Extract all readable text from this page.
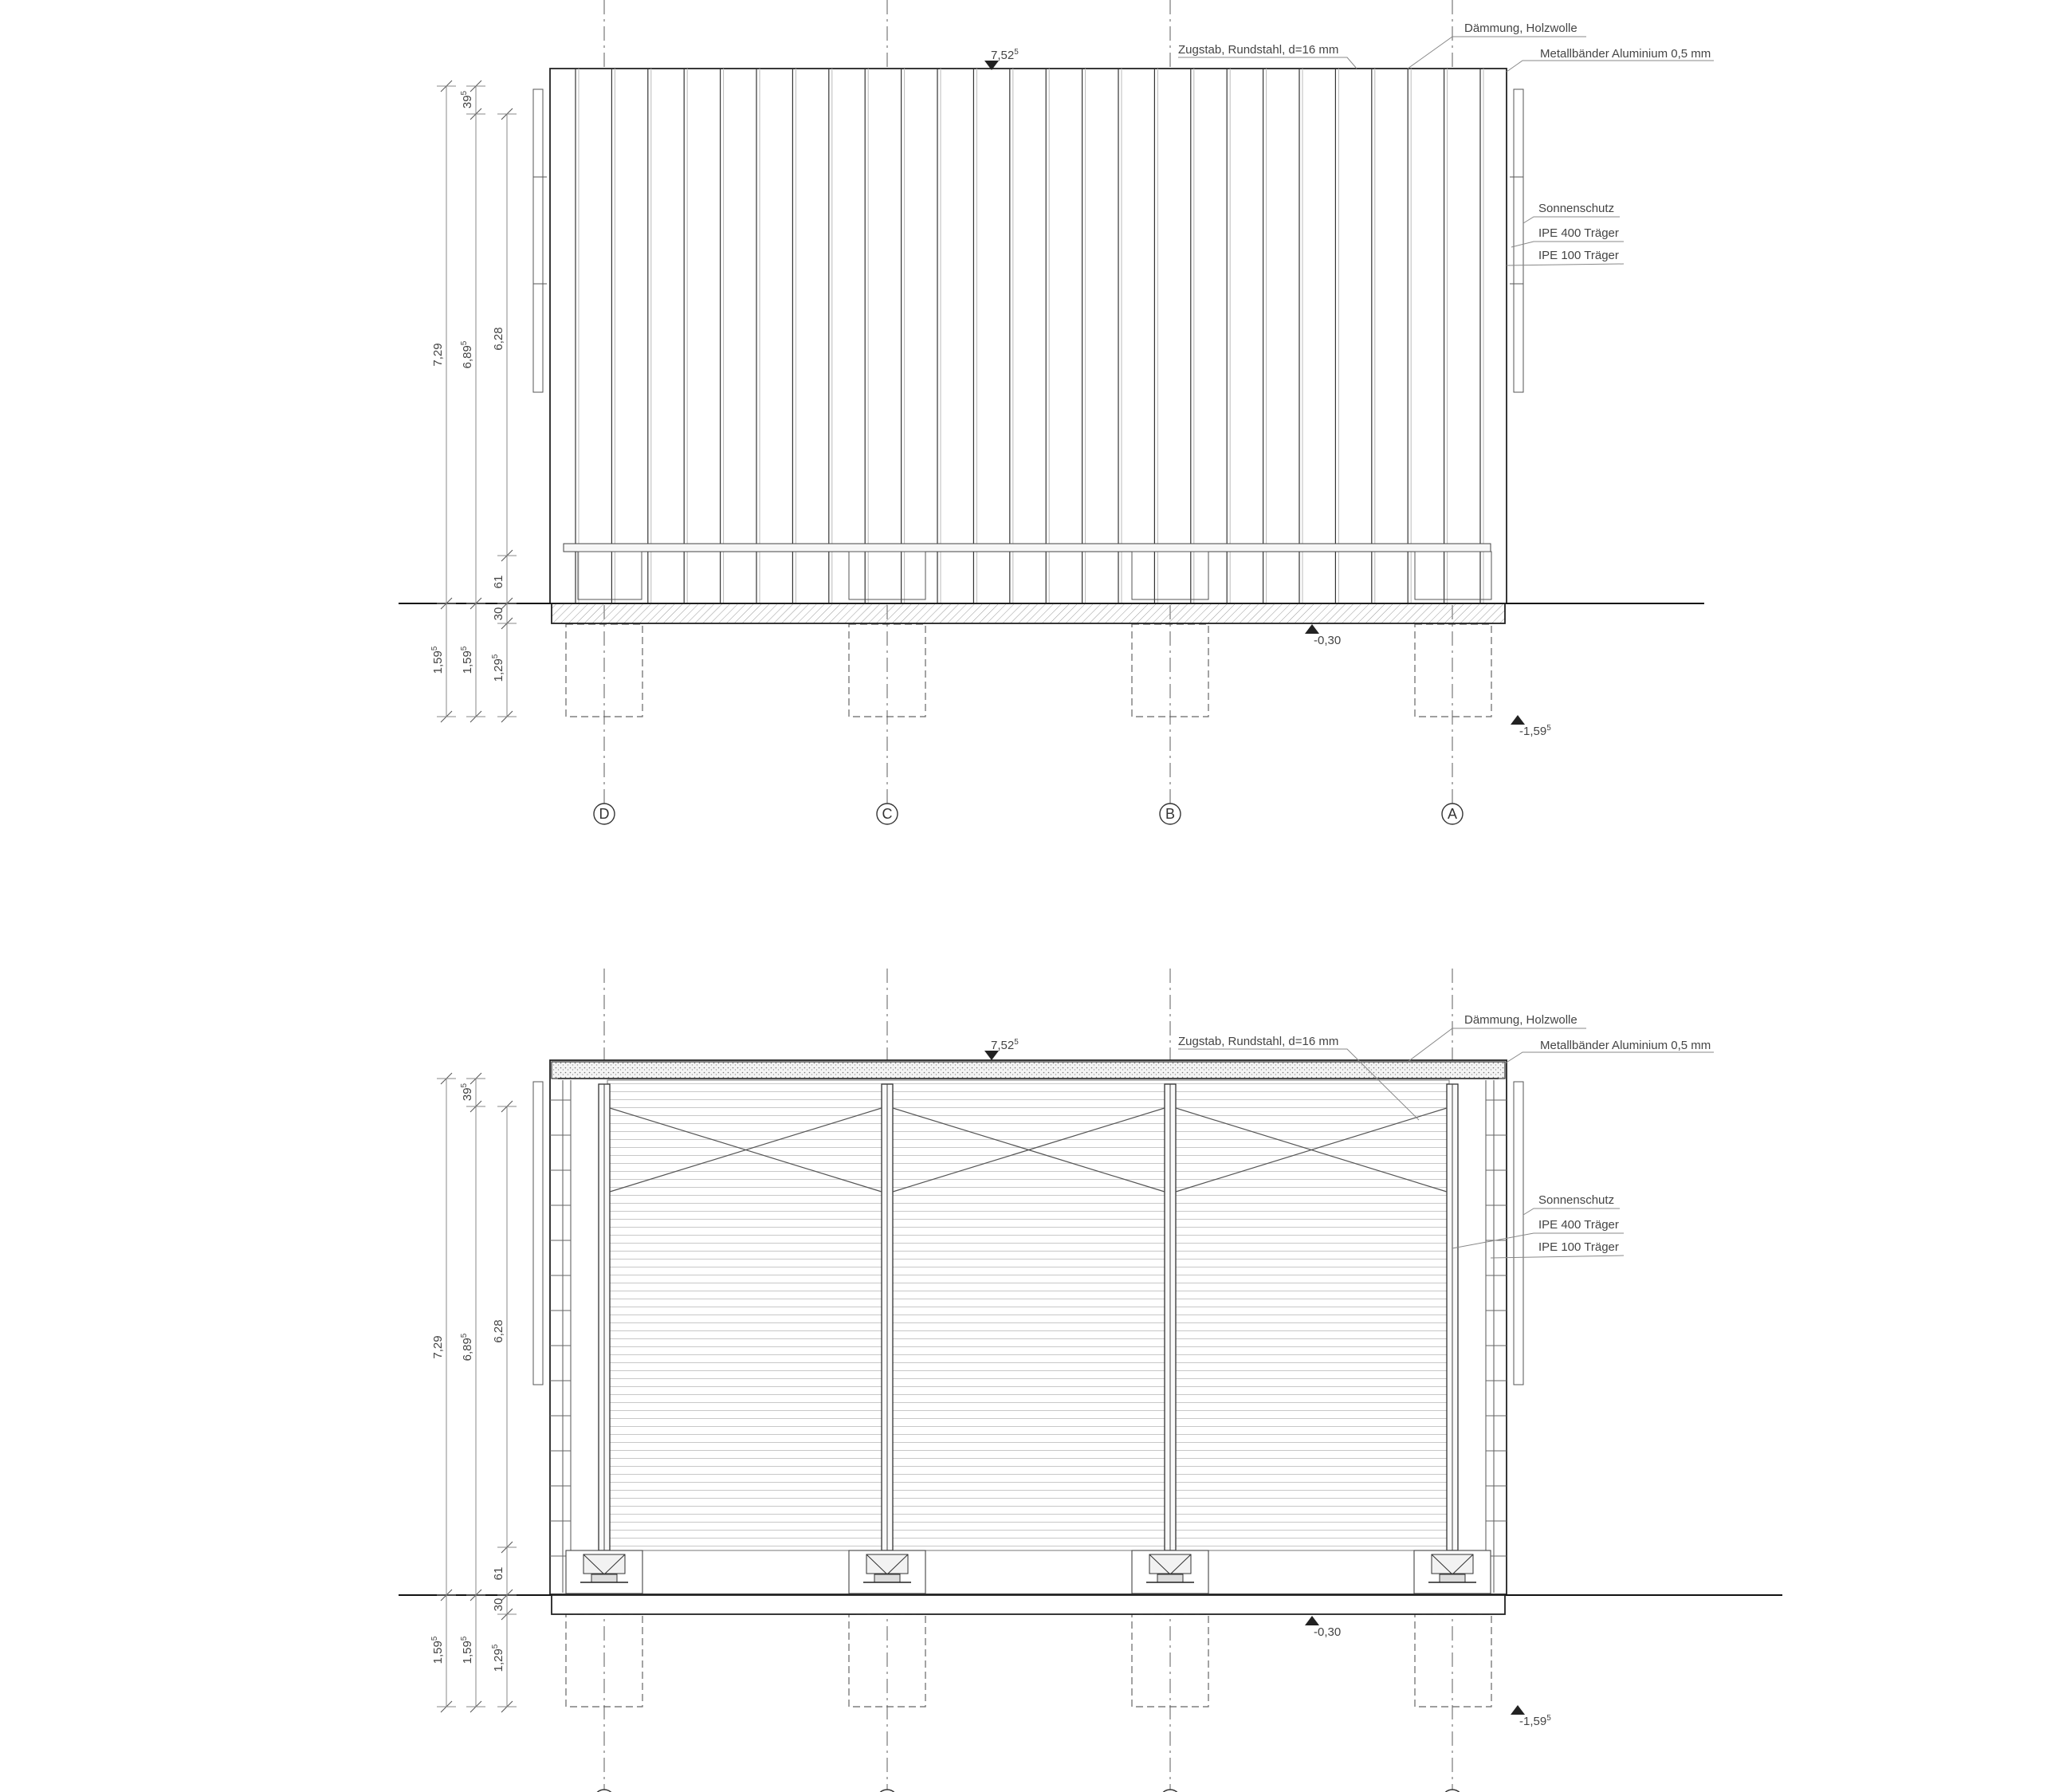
7,29 6,89$^5$
$39^5$
6,28
61
30
1,59$^5$
1,59$^5$
1,29$^5$
7,52$^5$
-0,30
-1,59$^5$
Dämmung, Holzwolle
Zugstab, Rundstahl, d=16 mm	Metallbänder Aluminium 0,5 mm
Sonnenschutz
IPE 400 Träger
IPE 100 Träger
D	C	B	A
7,29 6,89$^5$
$39^5$
6,28
61
30
1,59$^5$
1,59$^5$
1,29$^5$
7,52$^5$
-0,30
-1,59$^5$
Dämmung, Holzwolle
Zugstab, Rundstahl, d=16 mm	Metallbänder Aluminium 0,5 mm
Sonnenschutz
IPE 400 Träger
IPE 100 Träger
